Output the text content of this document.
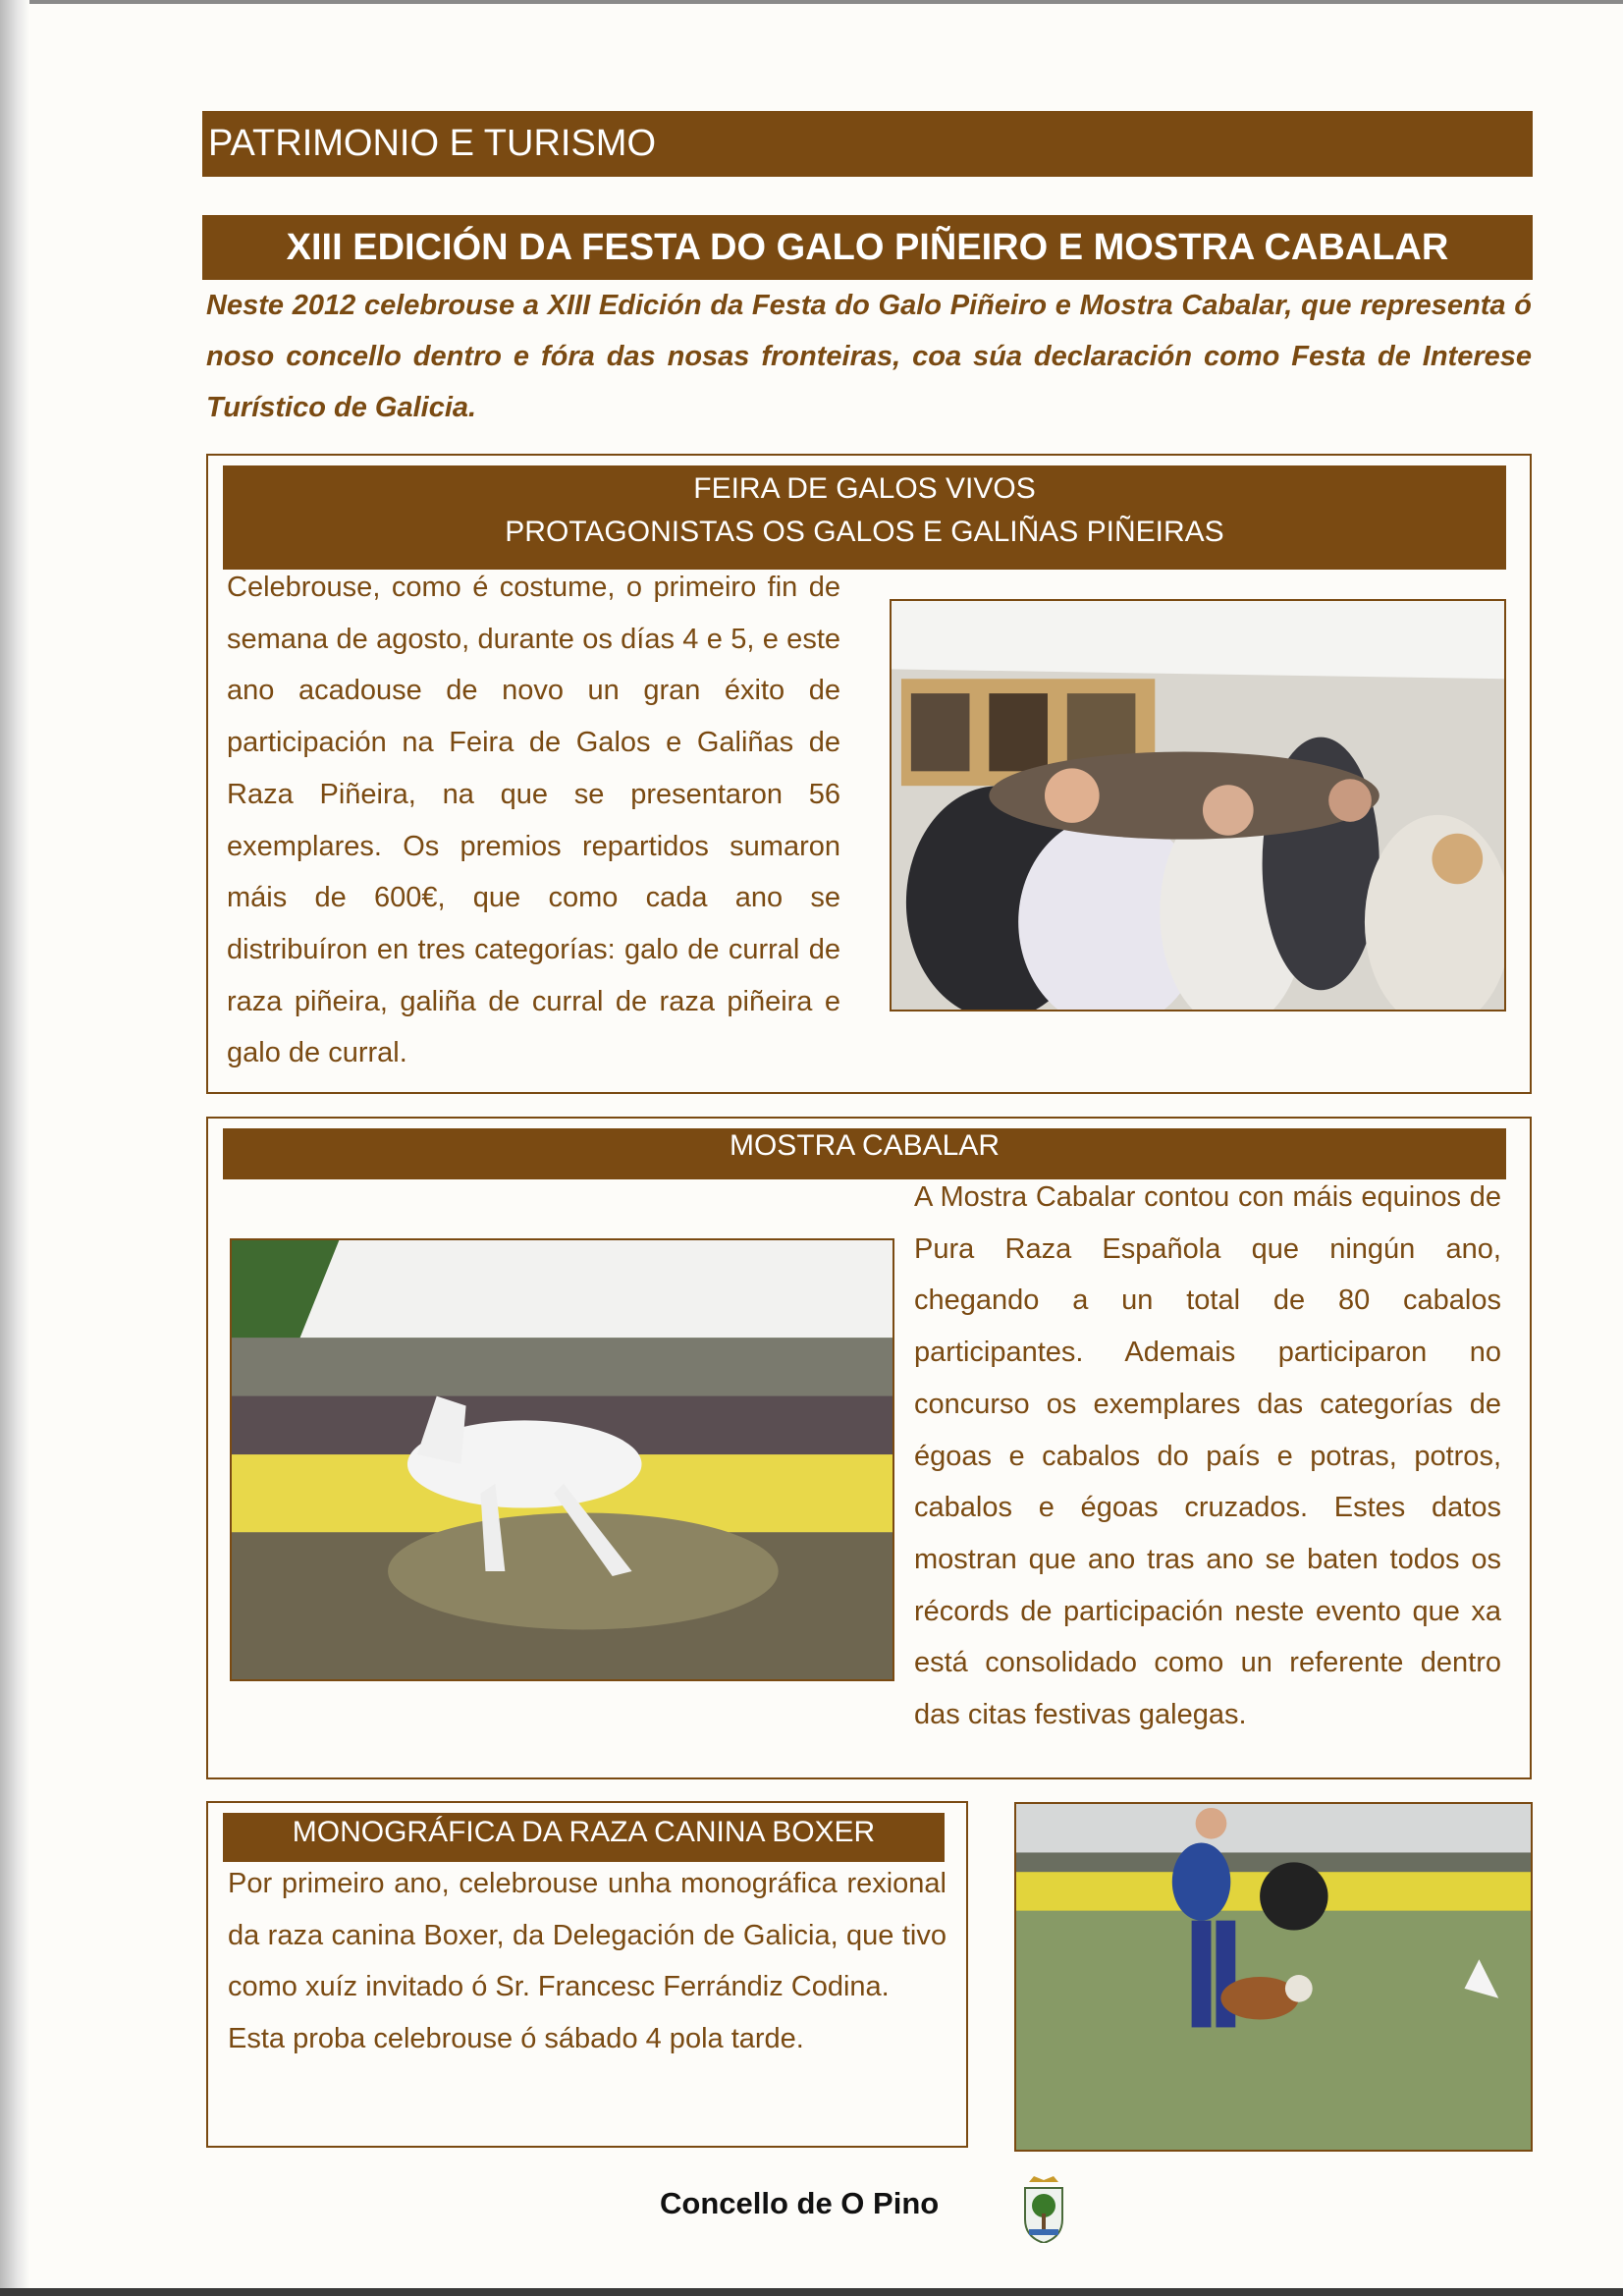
PATRIMONIO E TURISMO
XIII EDICIÓN DA FESTA DO GALO PIÑEIRO E MOSTRA CABALAR
Neste 2012 celebrouse a XIII Edición da Festa do Galo Piñeiro e Mostra Cabalar, que representa ó noso concello dentro e fóra das nosas fronteiras, coa súa declaración como Festa de Interese Turístico de Galicia.
FEIRA DE GALOS VIVOS
PROTAGONISTAS OS GALOS E GALIÑAS PIÑEIRAS
Celebrouse, como é costume, o primeiro fin de semana de agosto, durante os días 4 e 5, e este ano acadouse de novo un gran éxito de participación na Feira de Galos e Galiñas de Raza Piñeira, na que se presentaron 56 exemplares. Os premios repartidos sumaron máis de 600€, que como cada ano se distribuíron en tres categorías: galo de curral de raza piñeira, galiña de curral de raza piñeira e galo de curral.
MOSTRA CABALAR
A Mostra Cabalar contou con máis equinos de Pura Raza Española que ningún ano, chegando a un total de 80 cabalos participantes. Ademais participaron no concurso os exemplares das categorías de égoas e cabalos do país e potras, potros, cabalos e égoas cruzados. Estes datos mostran que ano tras ano se baten todos os récords de participación neste evento que xa está consolidado como un referente dentro das citas festivas galegas.
MONOGRÁFICA DA RAZA CANINA BOXER
Por primeiro ano, celebrouse unha monográfica rexional da raza canina Boxer, da Delegación de Galicia, que tivo como xuíz invitado ó Sr. Francesc Ferrándiz Codina.
Esta proba celebrouse ó sábado 4 pola tarde.
Concello de O Pino
